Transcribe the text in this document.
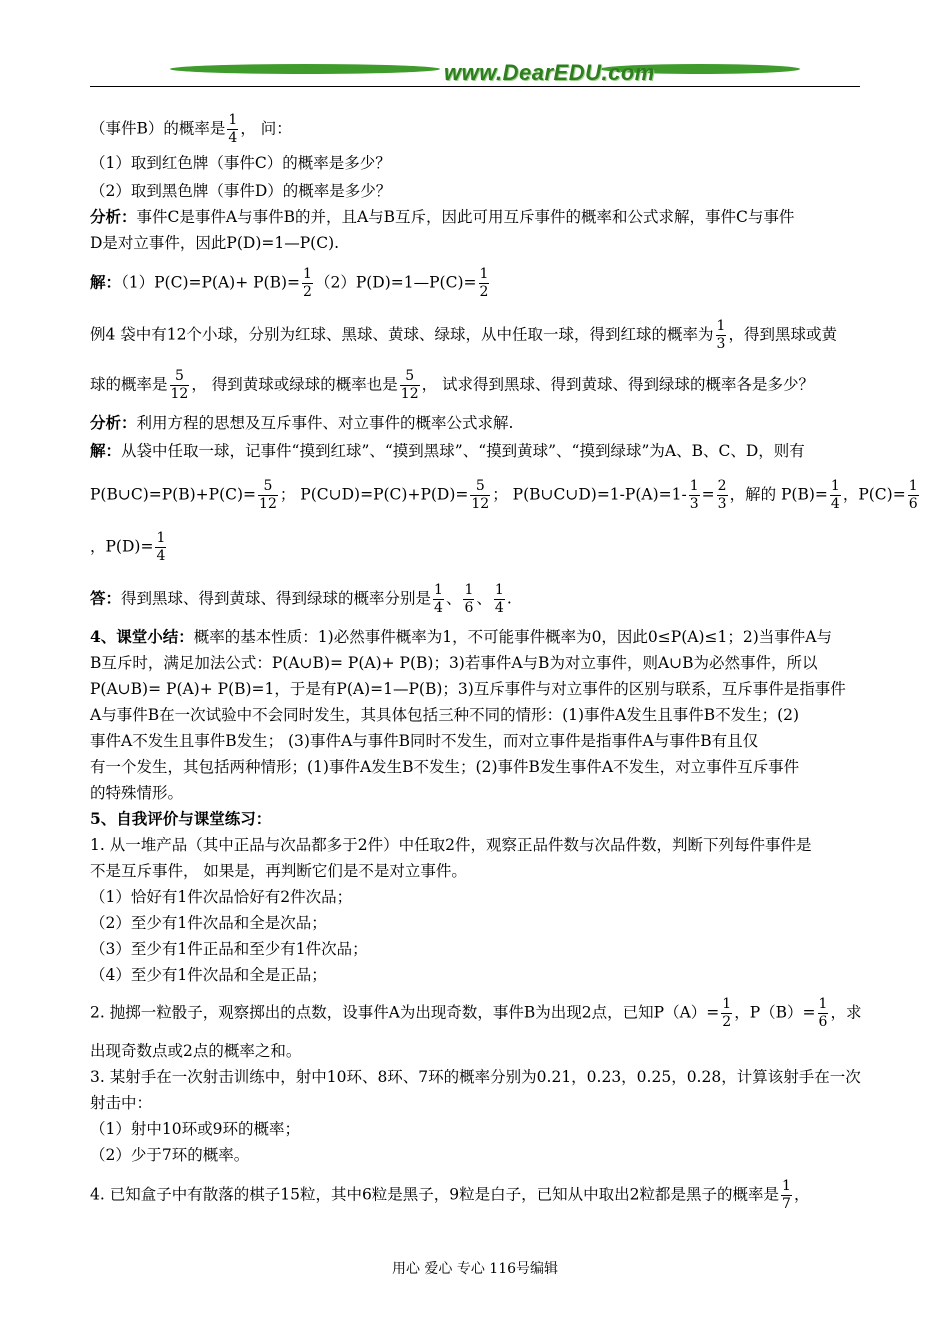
www.DearEDU.com
（事件B）的概率是 $\frac{1}{4}$ ， 问：
（1）取到红色牌（事件C）的概率是多少？
（2）取到黑色牌（事件D）的概率是多少？
分析：事件C是事件A与事件B的并，且A与B互斥，因此可用互斥事件的概率和公式求解，事件C与事件
D是对立事件，因此P(D)=1—P(C).
解：$(1)P(C)=P(A)+ P(B)= \frac{1}{2}$ （2）P(D)=1—P(C)= $\frac{1}{2}$
例4 袋中有12个小球，分别为红球、黑球、黄球、绿球，从中任取一球，得到红球的概率为 $\frac{1}{3}$ ，得到黑球或黄
球的概率是 $\frac{5}{12}$ ， 得到黄球或绿球的概率也是 $\frac{5}{12}$ ， 试求得到黑球、得到黄球、得到绿球的概率各是多少？
分析：利用方程的思想及互斥事件、对立事件的概率公式求解.
解：从袋中任取一球，记事件“摸到红球”、“摸到黑球”、“摸到黄球”、“摸到绿球”为A、B、C、D，则有
P(B∪C)=P(B)+P(C)= $\frac{5}{12}$ ； P(C∪D)=P(C)+P(D)= $\frac{5}{12}$ ； P(B∪C∪D)=1-P(A)=1- $\frac{1}{3} = \frac{2}{3}$ ，解的 $P(B)= \frac{1}{4}$ ，$P(C)= \frac{1}{6}$
，$P(D)= \frac{1}{4}$
答：得到黑球、得到黄球、得到绿球的概率分别是 $\frac{1}{4}$ 、 $\frac{1}{6}$ 、 $\frac{1}{4}$ .
4、课堂小结：概率的基本性质：1)必然事件概率为1，不可能事件概率为0，因此0≤P(A)≤1；2)当事件A与
B互斥时，满足加法公式：P(A∪B)= P(A)+ P(B)；3)若事件A与B为对立事件，则A∪B为必然事件，所以
P(A∪B)= P(A)+ P(B)=1，于是有P(A)=1—P(B)；3)互斥事件与对立事件的区别与联系，互斥事件是指事件
A与事件B在一次试验中不会同时发生，其具体包括三种不同的情形：(1)事件A发生且事件B不发生；(2)
事件A不发生且事件B发生； (3)事件A与事件B同时不发生，而对立事件是指事件A与事件B有且仅
有一个发生，其包括两种情形；(1)事件A发生B不发生；(2)事件B发生事件A不发生，对立事件互斥事件
的特殊情形。
5、自我评价与课堂练习：
1. 从一堆产品（其中正品与次品都多于2件）中任取2件，观察正品件数与次品件数，判断下列每件事件是
不是互斥事件， 如果是，再判断它们是不是对立事件。
（1）恰好有1件次品恰好有2件次品；
（2）至少有1件次品和全是次品；
（3）至少有1件正品和至少有1件次品；
（4）至少有1件次品和全是正品；
2. 抛掷一粒骰子，观察掷出的点数，设事件A为出现奇数，事件B为出现2点，已知$P(A)= \frac{1}{2}$ ，$P(B)= \frac{1}{6}$ ，求
出现奇数点或2点的概率之和。
3. 某射手在一次射击训练中，射中10环、8环、7环的概率分别为0.21，0.23，0.25，0.28，计算该射手在一次
射击中：
（1）射中10环或9环的概率；
（2）少于7环的概率。
4. 已知盒子中有散落的棋子15粒，其中6粒是黑子，9粒是白子，已知从中取出2粒都是黑子的概率是 $\frac{1}{7}$ ，
用心 爱心 专心 116号编辑
